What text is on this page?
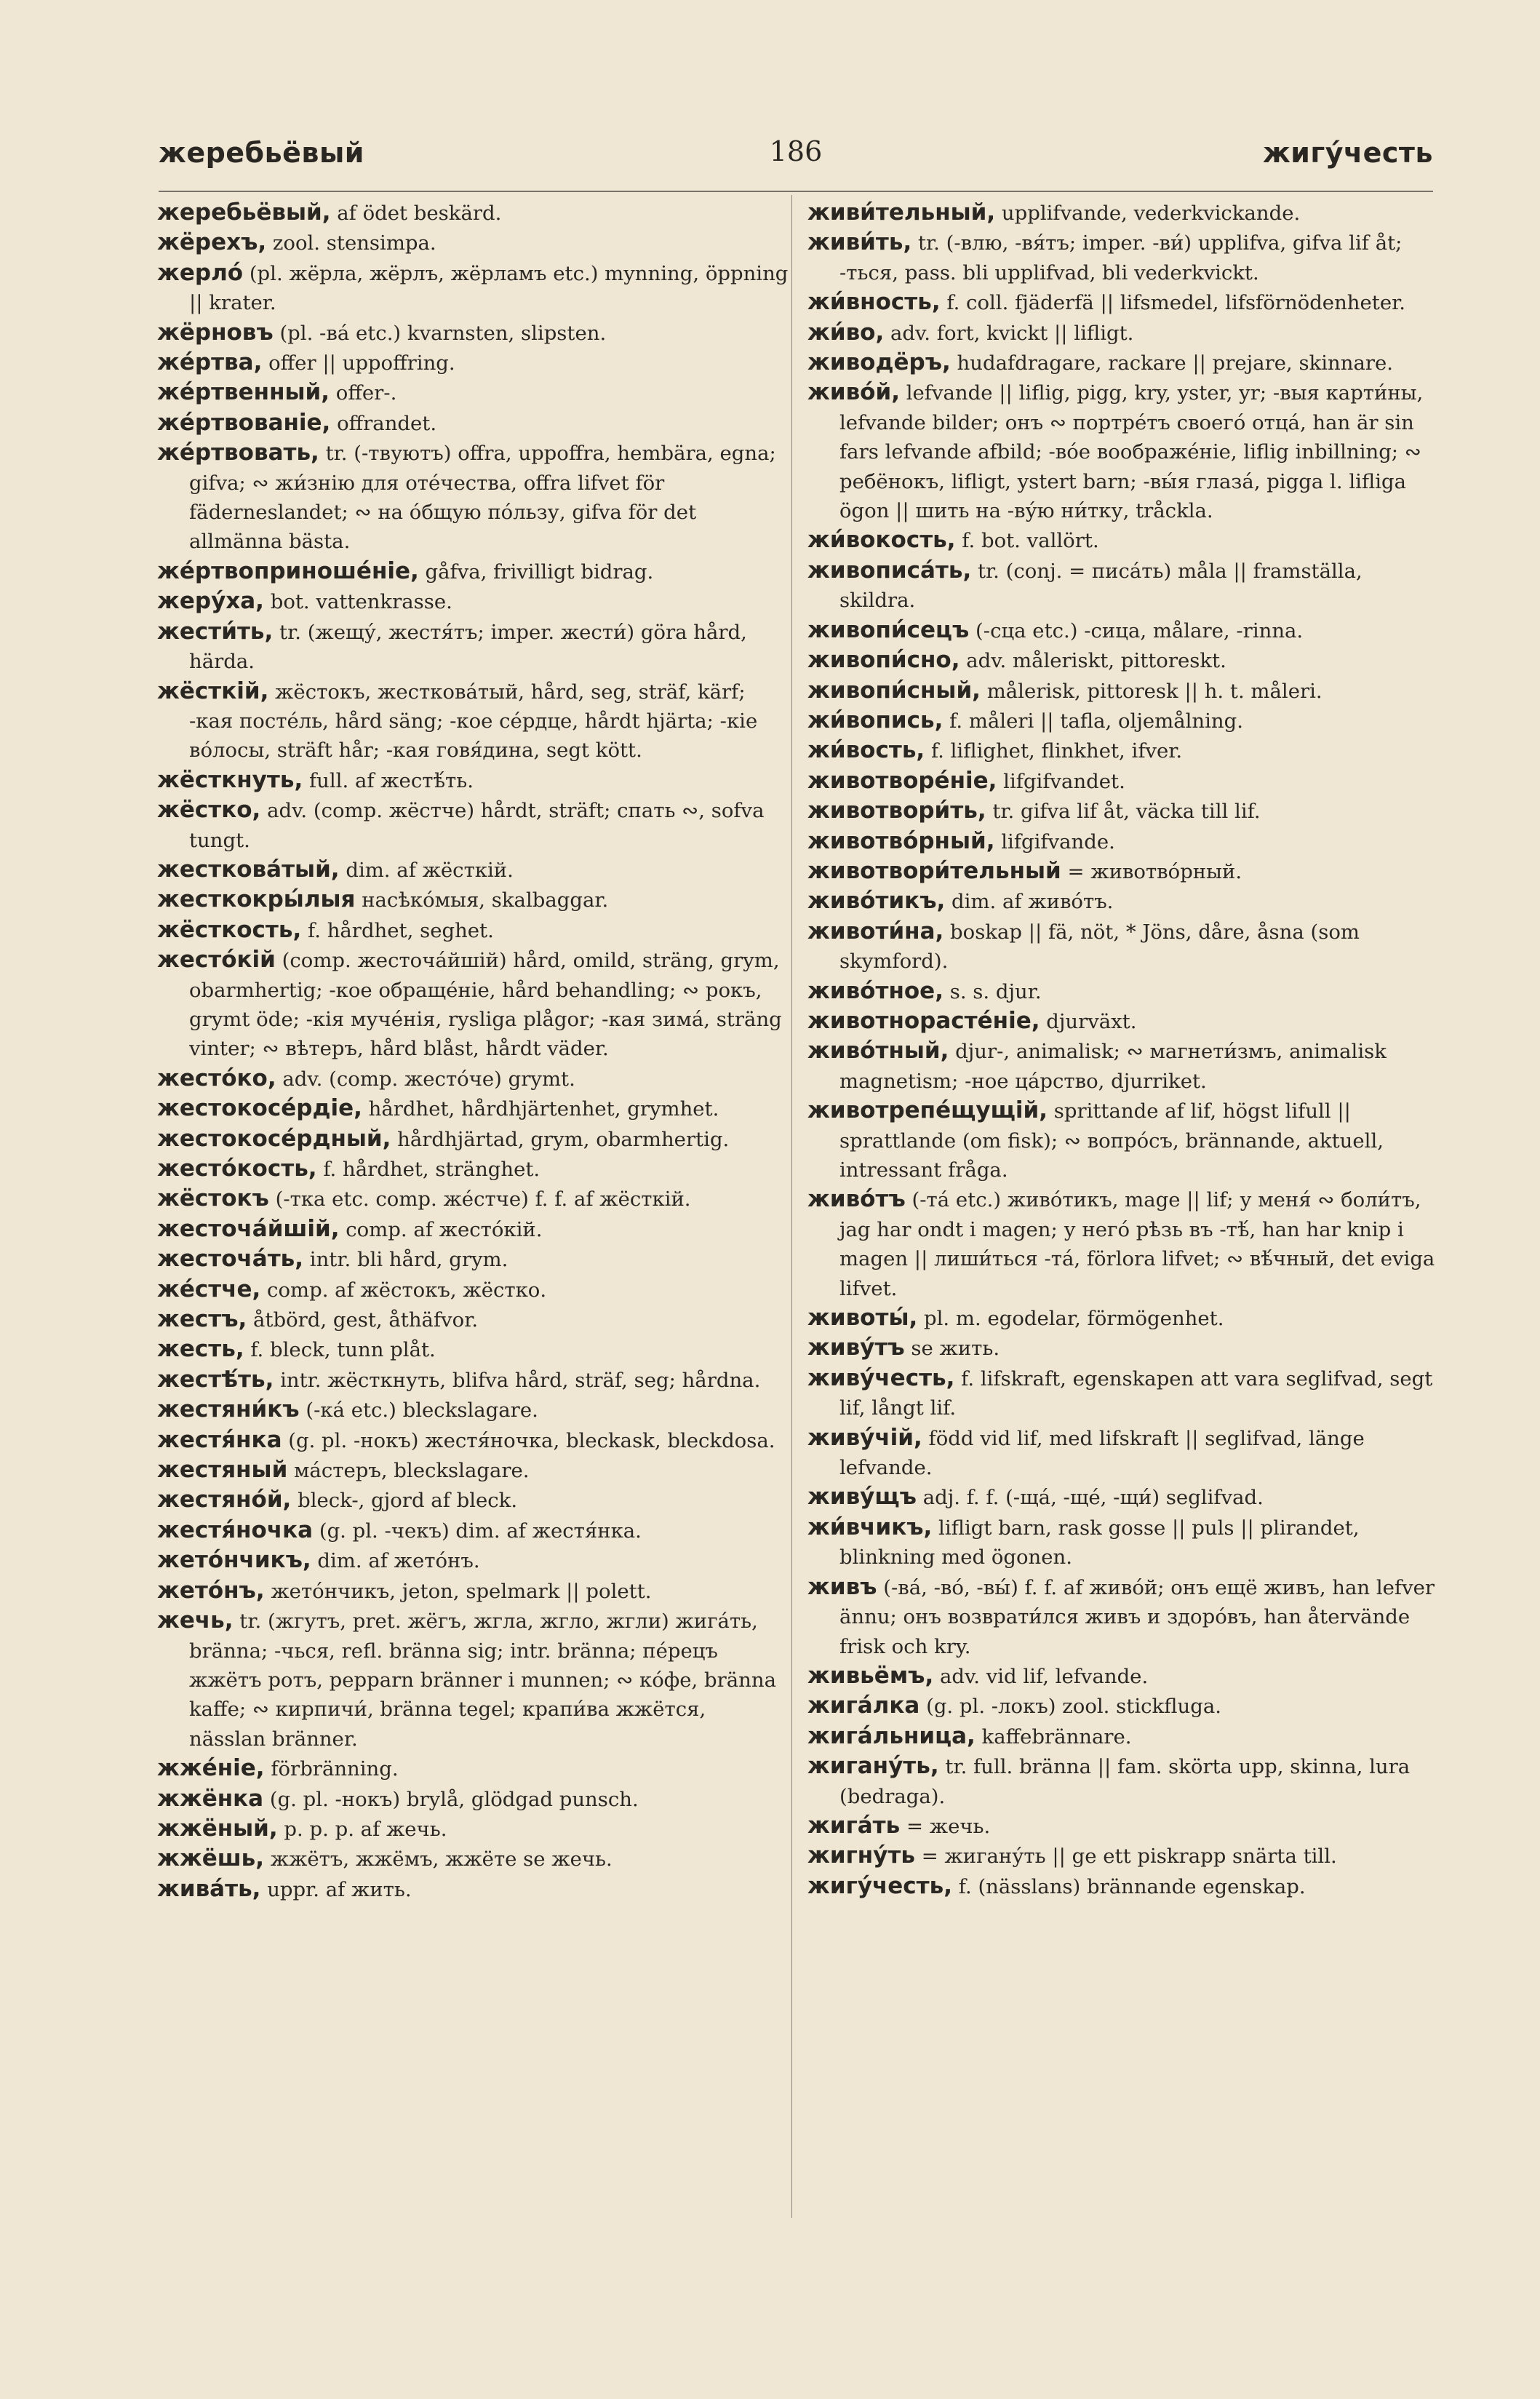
жеребьёвый	186	жигу́честь

жеребьёвый, af ödet beskärd.

жёрехъ, zool. stensimpa.

жерло́ (pl. жёрла, жёрлъ, жёрламъ etc.) mynning, öppning || krater.

жёрновъ (pl. -ва́ etc.) kvarnsten, slipsten.

же́ртва, offer || uppoffring.

же́ртвенный, offer-.

же́ртвованіе, offrandet.

же́ртвовать, tr. (-твуютъ) offra, uppoffra, hembära, egna; gifva; ∾ жи́знію для оте́чества, offra lifvet för fäderneslandet; ∾ на о́бщую по́льзу, gifva för det allmänna bästa.

же́ртвоприноше́ніе, gåfva, frivilligt bidrag.

жеру́ха, bot. vattenkrasse.

жести́ть, tr. (жещу́, жестя́тъ; imper. жести́) göra hård, härda.

жёсткій, жёстокъ, жестковáтый, hård, seg, sträf, kärf; -кая посте́ль, hård säng; -кое се́рдце, hårdt hjärta; -кіе во́лосы, sträft hår; -кая говя́дина, segt kött.

жёсткнуть, full. af жестѣ́ть.

жёстко, adv. (comp. жёстче) hårdt, sträft; спать ∾, sofva tungt.

жестковáтый, dim. af жёсткій.

жесткокры́лыя насѣко́мыя, skalbaggar.

жёсткость, f. hårdhet, seghet.

жесто́кій (comp. жесточа́йшій) hård, omild, sträng, grym, obarmhertig; -кое обраще́ніе, hård behandling; ∾ рокъ, grymt öde; -кія муче́нія, rysliga plågor; -кая зима́, sträng vinter; ∾ вѣтеръ, hård blåst, hårdt väder.

жесто́ко, adv. (comp. жесто́че) grymt.

жестокосе́рдіе, hårdhet, hårdhjärtenhet, grymhet.

жестокосе́рдный, hårdhjärtad, grym, obarmhertig.

жесто́кость, f. hårdhet, stränghet.

жёстокъ (-тка etc. comp. же́стче) f. f. af жёсткій.

жесточа́йшій, comp. af жесто́кій.

жесточа́ть, intr. bli hård, grym.

же́стче, comp. af жёстокъ, жёстко.

жестъ, åtbörd, gest, åthäfvor.

жесть, f. bleck, tunn plåt.

жестѣ́ть, intr. жёсткнуть, blifva hård, sträf, seg; hårdna.

жестяни́къ (-ка́ etc.) bleckslagare.

жестя́нка (g. pl. -нокъ) жестя́ночка, bleckask, bleckdosa.

жестяный ма́стеръ, bleckslagare.

жестяно́й, bleck-, gjord af bleck.

жестя́ночка (g. pl. -чекъ) dim. af жестя́нка.

жето́нчикъ, dim. af жето́нъ.

жето́нъ, жето́нчикъ, jeton, spelmark || polett.

жечь, tr. (жгутъ, pret. жёгъ, жгла, жгло, жгли) жига́ть, bränna; -чься, refl. bränna sig; intr. bränna; пе́рецъ жжётъ ротъ, pepparn bränner i munnen; ∾ ко́фе, bränna kaffe; ∾ кирпичи́, bränna tegel; крапи́ва жжётся, nässlan bränner.

жже́ніе, förbränning.

жжёнка (g. pl. -нокъ) brylå, glödgad punsch.

жжёный, p. p. p. af жечь.

жжёшь, жжётъ, жжёмъ, жжёте se жечь.

жива́ть, uppr. af жить.

живи́тельный, upplifvande, vederkvickande.

живи́ть, tr. (-влю, -вя́тъ; imper. -ви́) upplifva, gifva lif åt; -ться, pass. bli upplifvad, bli vederkvickt.

жи́вность, f. coll. fjäderfä || lifsmedel, lifsförnödenheter.

жи́во, adv. fort, kvickt || lifligt.

живодёръ, hudafdragare, rackare || prejare, skinnare.

живо́й, lefvande || liflig, pigg, kry, yster, yr; -выя карти́ны, lefvande bilder; онъ ∾ портре́тъ своего́ отца́, han är sin fars lefvande afbild; -во́е воображе́ніе, liflig inbillning; ∾ ребёнокъ, lifligt, ystert barn; -вы́я глаза́, pigga l. lifliga ögon || шить на -ву́ю ни́тку, tråckla.

жи́вокость, f. bot. vallört.

живописа́ть, tr. (conj. = писа́ть) måla || framställa, skildra.

живопи́сецъ (-сца etc.) -сица, målare, -rinna.

живопи́сно, adv. måleriskt, pittoreskt.

живопи́сный, målerisk, pittoresk || h. t. måleri.

жи́вопись, f. måleri || tafla, oljemålning.

жи́вость, f. liflighet, flinkhet, ifver.

животворе́ніе, lifgifvandet.

животвори́ть, tr. gifva lif åt, väcka till lif.

животво́рный, lifgifvande.

животвори́тельный = животво́рный.

живо́тикъ, dim. af живо́тъ.

животи́на, boskap || fä, nöt, * Jöns, dåre, åsna (som skymford).

живо́тное, s. s. djur.

животнорасте́ніе, djurväxt.

живо́тный, djur-, animalisk; ∾ магнети́змъ, animalisk magnetism; -ное ца́рство, djurriket.

животрепе́щущій, sprittande af lif, högst lifull || sprattlande (om fisk); ∾ вопро́съ, brännande, aktuell, intressant fråga.

живо́тъ (-та́ etc.) живо́тикъ, mage || lif; у меня́ ∾ боли́тъ, jag har ondt i magen; у него́ рѣзь въ -тѣ́, han har knip i magen || лиши́ться -та́, förlora lifvet; ∾ вѣ́чный, det eviga lifvet.

животы́, pl. m. egodelar, förmögenhet.

живу́тъ se жить.

живу́честь, f. lifskraft, egenskapen att vara seglifvad, segt lif, långt lif.

живу́чій, född vid lif, med lifskraft || seglifvad, länge lefvande.

живу́щъ adj. f. f. (-ща́, -ще́, -щи́) seglifvad.

жи́вчикъ, lifligt barn, rask gosse || puls || plirandet, blinkning med ögonen.

живъ (-ва́, -во́, -вы́) f. f. af живо́й; онъ ещё живъ, han lefver ännu; онъ возврати́лся живъ и здоро́въ, han återvände frisk och kry.

живьёмъ, adv. vid lif, lefvande.

жига́лка (g. pl. -локъ) zool. stickfluga.

жига́льница, kaffebrännare.

жигану́ть, tr. full. bränna || fam. skörta upp, skinna, lura (bedraga).

жига́ть = жечь.

жигну́ть = жигану́ть || ge ett piskrapp snärta till.

жигу́честь, f. (nässlans) brännande egenskap.
